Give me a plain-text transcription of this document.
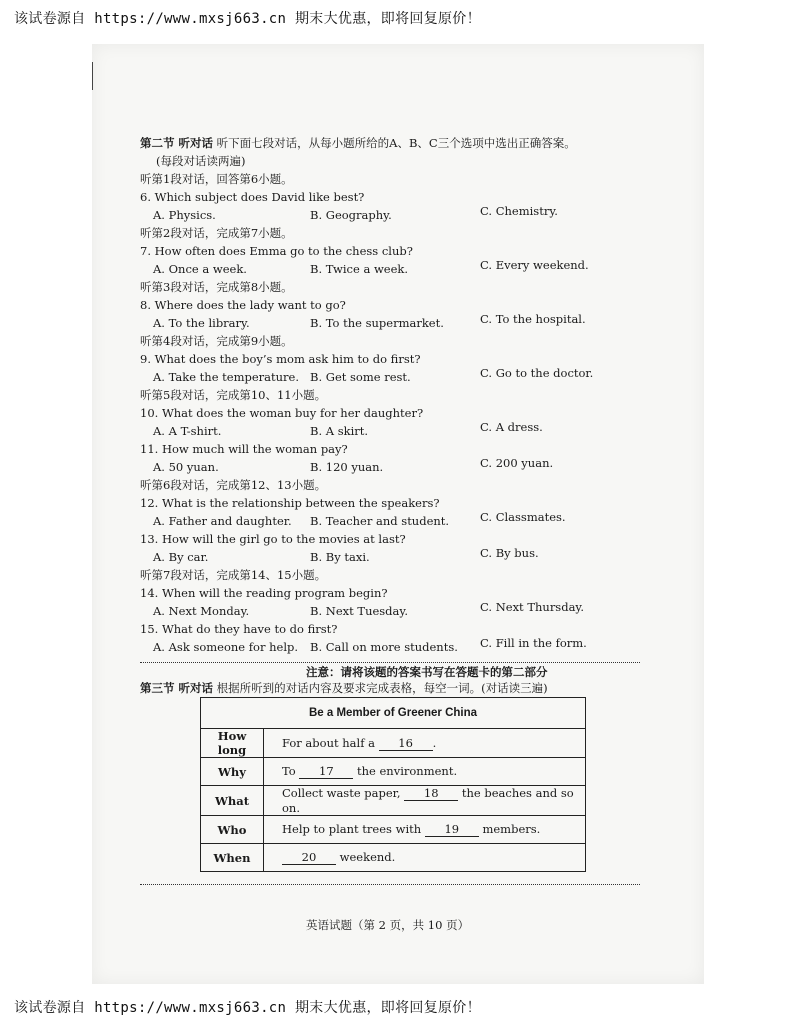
该试卷源自 https://www.mxsj663.cn 期末大优惠，即将回复原价！
第二节 听对话 听下面七段对话，从每小题所给的A、B、C三个选项中选出正确答案。
(每段对话读两遍)
听第1段对话，回答第6小题。
6. Which subject does David like best?
A. Physics.	B. Geography.	C. Chemistry.
听第2段对话，完成第7小题。
7. How often does Emma go to the chess club?
A. Once a week.	B. Twice a week.	C. Every weekend.
听第3段对话，完成第8小题。
8. Where does the lady want to go?
A. To the library.	B. To the supermarket.	C. To the hospital.
听第4段对话，完成第9小题。
9. What does the boy’s mom ask him to do first?
A. Take the temperature. B. Get some rest.	C. Go to the doctor.
听第5段对话，完成第10、11小题。
10. What does the woman buy for her daughter?
A. A T-shirt.	B. A skirt.	C. A dress.
11. How much will the woman pay?
A. 50 yuan.	B. 120 yuan.	C. 200 yuan.
听第6段对话，完成第12、13小题。
12. What is the relationship between the speakers?
A. Father and daughter. B. Teacher and student.	C. Classmates.
13. How will the girl go to the movies at last?
A. By car.	B. By taxi.	C. By bus.
听第7段对话，完成第14、15小题。
14. When will the reading program begin?
A. Next Monday.	B. Next Tuesday.	C. Next Thursday.
15. What do they have to do first?
A. Ask someone for help. B. Call on more students. C. Fill in the form.
注意：请将该题的答案书写在答题卡的第二部分
第三节 听对话 根据所听到的对话内容及要求完成表格，每空一词。(对话读三遍)
Be a Member of Greener China	
How long	For about half a 16 .
Why	To 17 the environment.
What	Collect waste paper, 18 the beaches and so on.
Who	Help to plant trees with 19 members.
When	20 weekend.
英语试题（第 2 页，共 10 页）
该试卷源自 https://www.mxsj663.cn 期末大优惠，即将回复原价！
